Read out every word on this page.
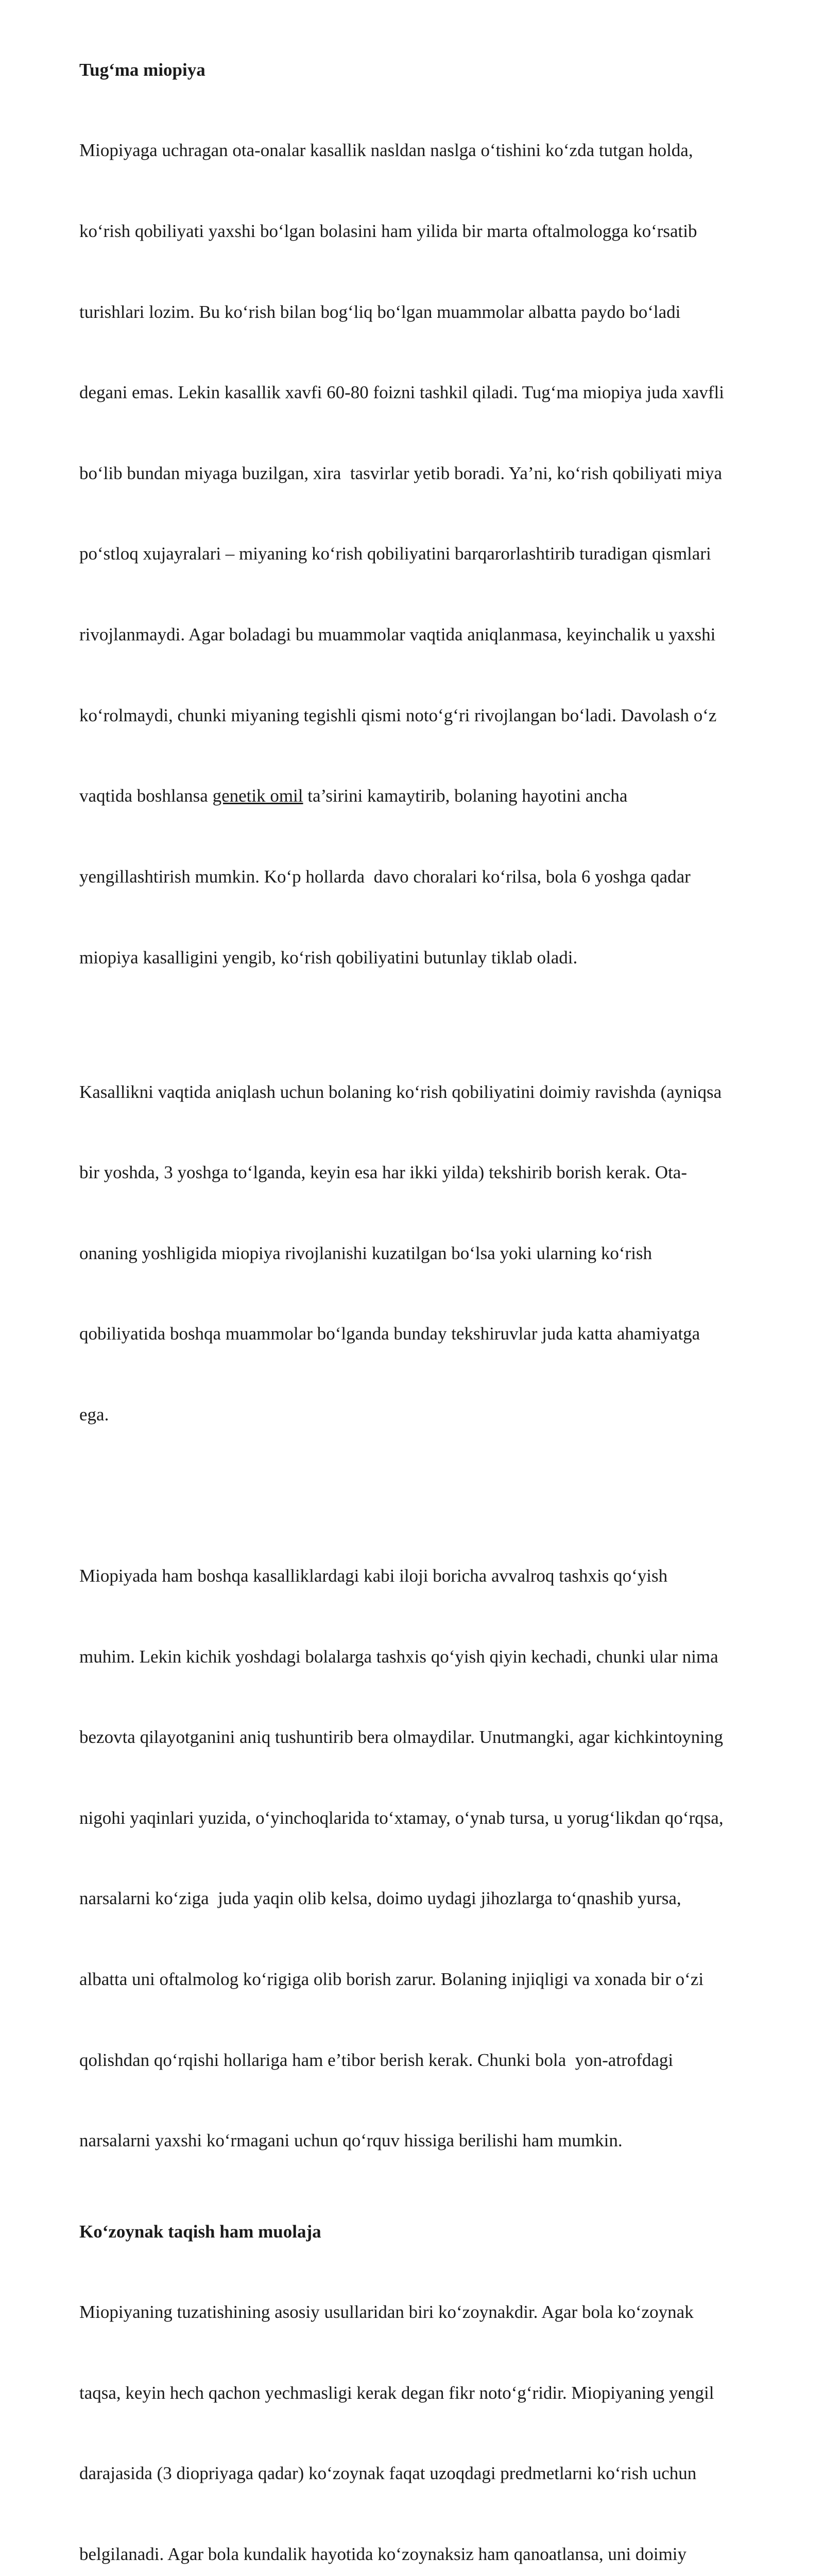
Tug‘ma miopiya

Miopiyaga uchragan ota-onalar kasallik nasldan naslga o‘tishini ko‘zda tutgan holda,

ko‘rish qobiliyati yaxshi bo‘lgan bolasini ham yilida bir marta oftalmologga ko‘rsatib

turishlari lozim. Bu ko‘rish bilan bog‘liq bo‘lgan muammolar albatta paydo bo‘ladi

degani emas. Lekin kasallik xavfi 60-80 foizni tashkil qiladi. Tug‘ma miopiya juda xavfli

bo‘lib bundan miyaga buzilgan, xira  tasvirlar yetib boradi. Ya’ni, ko‘rish qobiliyati miya

po‘stloq xujayralari – miyaning ko‘rish qobiliyatini barqarorlashtirib turadigan qismlari

rivojlanmaydi. Agar boladagi bu muammolar vaqtida aniqlanmasa, keyinchalik u yaxshi

ko‘rolmaydi, chunki miyaning tegishli qismi noto‘g‘ri rivojlangan bo‘ladi. Davolash o‘z

vaqtida boshlansa genetik omil ta’sirini kamaytirib, bolaning hayotini ancha

yengillashtirish mumkin. Ko‘p hollarda  davo choralari ko‘rilsa, bola 6 yoshga qadar

miopiya kasalligini yengib, ko‘rish qobiliyatini butunlay tiklab oladi.

Kasallikni vaqtida aniqlash uchun bolaning ko‘rish qobiliyatini doimiy ravishda (ayniqsa

bir yoshda, 3 yoshga to‘lganda, keyin esa har ikki yilda) tekshirib borish kerak. Ota-

onaning yoshligida miopiya rivojlanishi kuzatilgan bo‘lsa yoki ularning ko‘rish

qobiliyatida boshqa muammolar bo‘lganda bunday tekshiruvlar juda katta ahamiyatga

ega.

Miopiyada ham boshqa kasalliklardagi kabi iloji boricha avvalroq tashxis qo‘yish

muhim. Lekin kichik yoshdagi bolalarga tashxis qo‘yish qiyin kechadi, chunki ular nima

bezovta qilayotganini aniq tushuntirib bera olmaydilar. Unutmangki, agar kichkintoyning

nigohi yaqinlari yuzida, o‘yinchoqlarida to‘xtamay, o‘ynab tursa, u yorug‘likdan qo‘rqsa,

narsalarni ko‘ziga  juda yaqin olib kelsa, doimo uydagi jihozlarga to‘qnashib yursa,

albatta uni oftalmolog ko‘rigiga olib borish zarur. Bolaning injiqligi va xonada bir o‘zi

qolishdan qo‘rqishi hollariga ham e’tibor berish kerak. Chunki bola  yon-atrofdagi

narsalarni yaxshi ko‘rmagani uchun qo‘rquv hissiga berilishi ham mumkin.

Ko‘zoynak taqish ham muolaja

Miopiyaning tuzatishining asosiy usullaridan biri ko‘zoynakdir. Agar bola ko‘zoynak

taqsa, keyin hech qachon yechmasligi kerak degan fikr noto‘g‘ridir. Miopiyaning yengil

darajasida (3 diopriyaga qadar) ko‘zoynak faqat uzoqdagi predmetlarni ko‘rish uchun

belgilanadi. Agar bola kundalik hayotida ko‘zoynaksiz ham qanoatlansa, uni doimiy
